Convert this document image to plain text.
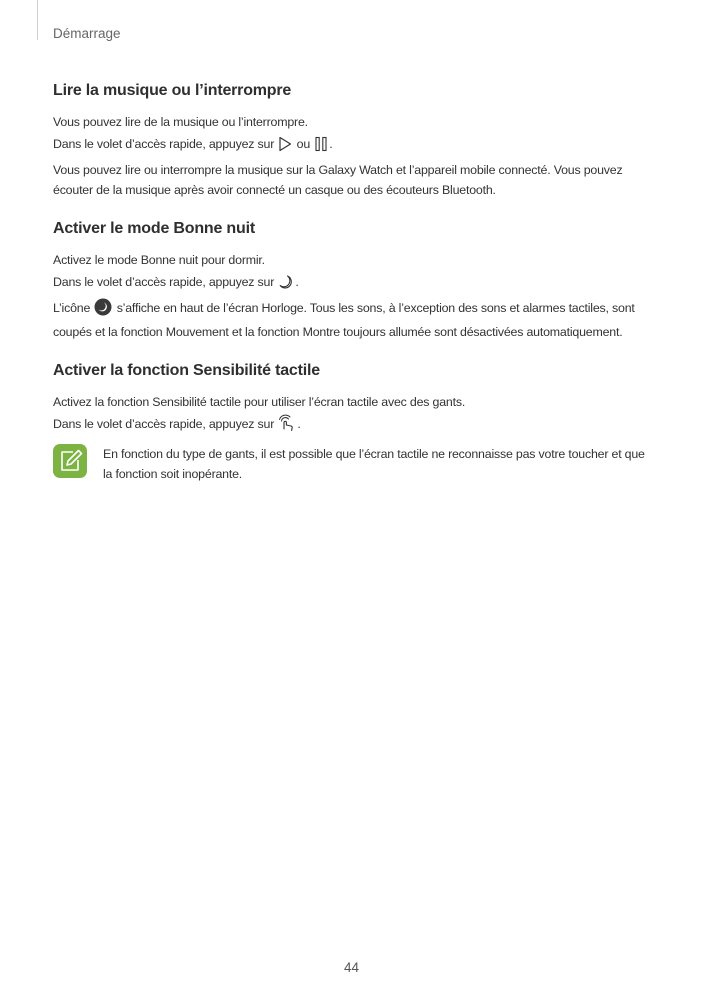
Démarrage
Lire la musique ou l’interrompre

Vous pouvez lire de la musique ou l’interrompre.

Dans le volet d’accès rapide, appuyez sur ou .

Vous pouvez lire ou interrompre la musique sur la Galaxy Watch et l’appareil mobile connecté. Vous pouvez écouter de la musique après avoir connecté un casque ou des écouteurs Bluetooth.

Activer le mode Bonne nuit

Activez le mode Bonne nuit pour dormir.

Dans le volet d’accès rapide, appuyez sur .

L’icône s’affiche en haut de l’écran Horloge. Tous les sons, à l’exception des sons et alarmes tactiles, sont coupés et la fonction Mouvement et la fonction Montre toujours allumée sont désactivées automatiquement.

Activer la fonction Sensibilité tactile

Activez la fonction Sensibilité tactile pour utiliser l’écran tactile avec des gants.

Dans le volet d’accès rapide, appuyez sur .

En fonction du type de gants, il est possible que l’écran tactile ne reconnaisse pas votre toucher et que la fonction soit inopérante.
44
